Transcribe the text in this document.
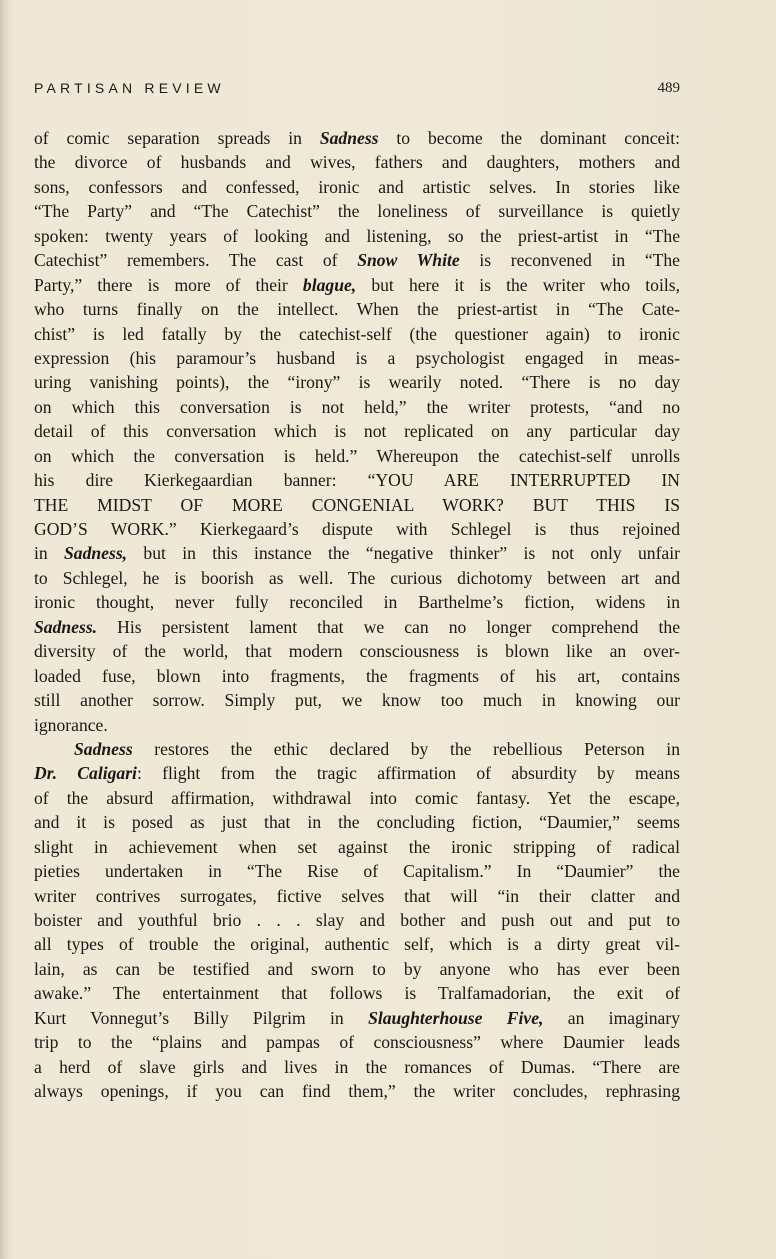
PARTISAN REVIEW	489

of comic separation spreads in Sadness to become the dominant conceit:
the divorce of husbands and wives, fathers and daughters, mothers and
sons, confessors and confessed, ironic and artistic selves. In stories like
“The Party” and “The Catechist” the loneliness of surveillance is quietly
spoken: twenty years of looking and listening, so the priest-artist in “The
Catechist” remembers. The cast of Snow White is reconvened in “The
Party,” there is more of their blague, but here it is the writer who toils,
who turns finally on the intellect. When the priest-artist in “The Cate-
chist” is led fatally by the catechist-self (the questioner again) to ironic
expression (his paramour’s husband is a psychologist engaged in meas-
uring vanishing points), the “irony” is wearily noted. “There is no day
on which this conversation is not held,” the writer protests, “and no
detail of this conversation which is not replicated on any particular day
on which the conversation is held.” Whereupon the catechist-self unrolls
his dire Kierkegaardian banner: “YOU ARE INTERRUPTED IN
THE MIDST OF MORE CONGENIAL WORK? BUT THIS IS
GOD’S WORK.” Kierkegaard’s dispute with Schlegel is thus rejoined
in Sadness, but in this instance the “negative thinker” is not only unfair
to Schlegel, he is boorish as well. The curious dichotomy between art and
ironic thought, never fully reconciled in Barthelme’s fiction, widens in
Sadness. His persistent lament that we can no longer comprehend the
diversity of the world, that modern consciousness is blown like an over-
loaded fuse, blown into fragments, the fragments of his art, contains
still another sorrow. Simply put, we know too much in knowing our
ignorance.

Sadness restores the ethic declared by the rebellious Peterson in
Dr. Caligari: flight from the tragic affirmation of absurdity by means
of the absurd affirmation, withdrawal into comic fantasy. Yet the escape,
and it is posed as just that in the concluding fiction, “Daumier,” seems
slight in achievement when set against the ironic stripping of radical
pieties undertaken in “The Rise of Capitalism.” In “Daumier” the
writer contrives surrogates, fictive selves that will “in their clatter and
boister and youthful brio . . . slay and bother and push out and put to
all types of trouble the original, authentic self, which is a dirty great vil-
lain, as can be testified and sworn to by anyone who has ever been
awake.” The entertainment that follows is Tralfamadorian, the exit of
Kurt Vonnegut’s Billy Pilgrim in Slaughterhouse Five, an imaginary
trip to the “plains and pampas of consciousness” where Daumier leads
a herd of slave girls and lives in the romances of Dumas. “There are
always openings, if you can find them,” the writer concludes, rephrasing
